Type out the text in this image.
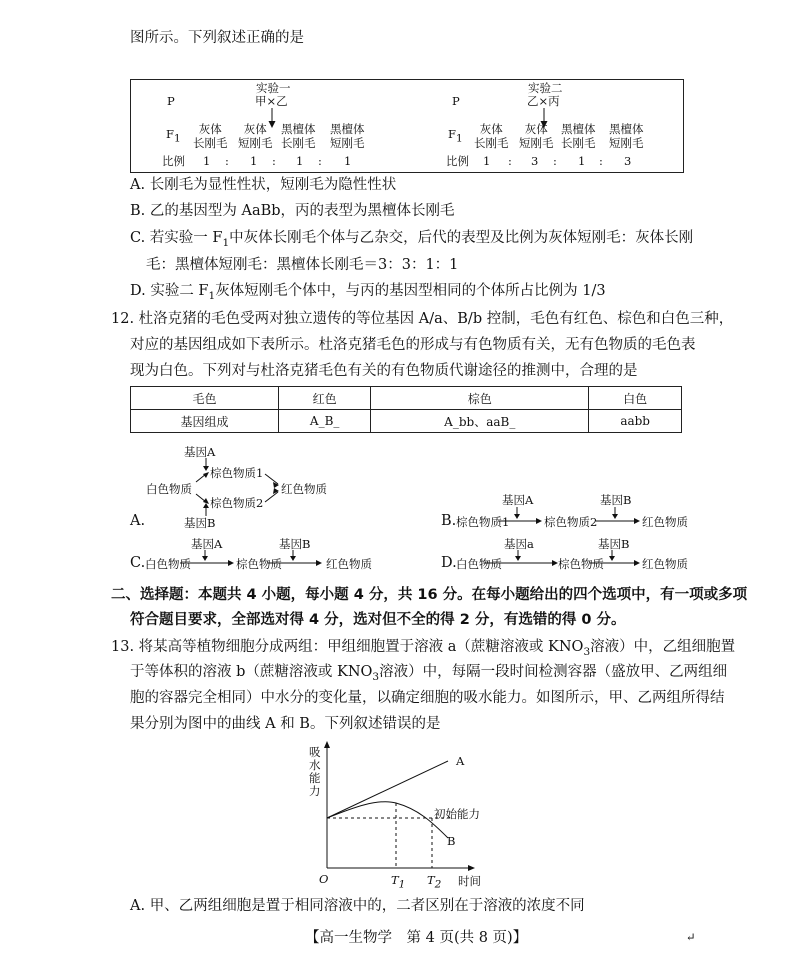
图所示。下列叙述正确的是
实验一
甲×乙
P
$F_1$
灰体
长刚毛
灰体
短刚毛
黑檀体
长刚毛
黑檀体
短刚毛
比例 1 : 1 : 1 : 1
实验二
乙×丙
P
$F_1$
灰体
长刚毛
灰体
短刚毛
黑檀体
长刚毛
黑檀体
短刚毛
比例 1 : 3 : 1 : 3
A. 长刚毛为显性性状，短刚毛为隐性性状
B. 乙的基因型为 AaBb，丙的表型为黑檀体长刚毛
C. 若实验一 $F_1$中灰体长刚毛个体与乙杂交，后代的表型及比例为灰体短刚毛：灰体长刚
毛：黑檀体短刚毛：黑檀体长刚毛＝3：3：1：1
D. 实验二 $F_1$灰体短刚毛个体中，与丙的基因型相同的个体所占比例为 1/3
12. 杜洛克猪的毛色受两对独立遗传的等位基因 A/a、B/b 控制，毛色有红色、棕色和白色三种，
对应的基因组成如下表所示。杜洛克猪毛色的形成与有色物质有关，无有色物质的毛色表
现为白色。下列对与杜洛克猪毛色有关的有色物质代谢途径的推测中，合理的是
毛色	红色	棕色	白色
基因组成	A_B_	A_bb、aaB_	aabb
基因A
棕色物质1
白色物质	红色物质
棕色物质2
基因B
A.	B. 棕色物质1
基因A
棕色物质2
基因B
红色物质
C. 白色物质
基因A
棕色物质
基因B
红色物质	D. 白色物质
基因a
棕色物质
基因B
红色物质
二、选择题：本题共 4 小题，每小题 4 分，共 16 分。在每小题给出的四个选项中，有一项或多项
符合题目要求，全部选对得 4 分，选对但不全的得 2 分，有选错的得 0 分。
13. 将某高等植物细胞分成两组：甲组细胞置于溶液 a（蔗糖溶液或 $KNO_3$溶液）中，乙组细胞置
于等体积的溶液 b（蔗糖溶液或 $KNO_3$溶液）中，每隔一段时间检测容器（盛放甲、乙两组细
胞的容器完全相同）中水分的变化量，以确定细胞的吸水能力。如图所示，甲、乙两组所得结
果分别为图中的曲线 A 和 B。下列叙述错误的是
吸水能力
A
B
初始能力
O	$T_1$ $T_2$ 时间
A. 甲、乙两组细胞是置于相同溶液中的，二者区别在于溶液的浓度不同
【高一生物学　第 4 页(共 8 页)】	↵
